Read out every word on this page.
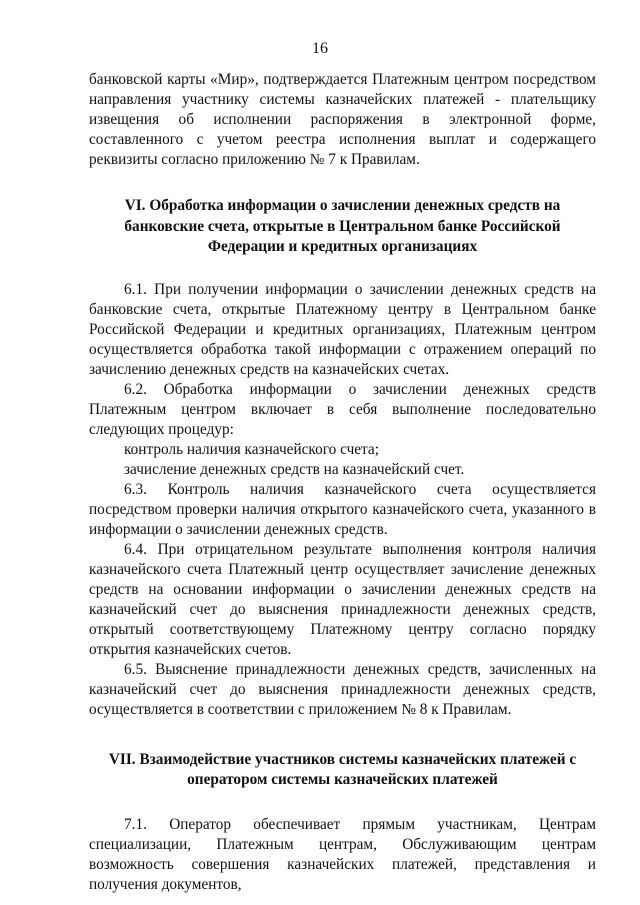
16

банковской карты «Мир», подтверждается Платежным центром посредством направления участнику системы казначейских платежей - плательщику извещения об исполнении распоряжения в электронной форме, составленного с учетом реестра исполнения выплат и содержащего реквизиты согласно приложению № 7 к Правилам.

VI. Обработка информации о зачислении денежных средств на банковские счета, открытые в Центральном банке Российской Федерации и кредитных организациях

6.1. При получении информации о зачислении денежных средств на банковские счета, открытые Платежному центру в Центральном банке Российской Федерации и кредитных организациях, Платежным центром осуществляется обработка такой информации с отражением операций по зачислению денежных средств на казначейских счетах.

6.2. Обработка информации о зачислении денежных средств Платежным центром включает в себя выполнение последовательно следующих процедур:

контроль наличия казначейского счета;

зачисление денежных средств на казначейский счет.

6.3. Контроль наличия казначейского счета осуществляется посредством проверки наличия открытого казначейского счета, указанного в информации о зачислении денежных средств.

6.4. При отрицательном результате выполнения контроля наличия казначейского счета Платежный центр осуществляет зачисление денежных средств на основании информации о зачислении денежных средств на казначейский счет до выяснения принадлежности денежных средств, открытый соответствующему Платежному центру согласно порядку открытия казначейских счетов.

6.5. Выяснение принадлежности денежных средств, зачисленных на казначейский счет до выяснения принадлежности денежных средств, осуществляется в соответствии с приложением № 8 к Правилам.

VII. Взаимодействие участников системы казначейских платежей с оператором системы казначейских платежей

7.1. Оператор обеспечивает прямым участникам, Центрам специализации, Платежным центрам, Обслуживающим центрам возможность совершения казначейских платежей, представления и получения документов,
